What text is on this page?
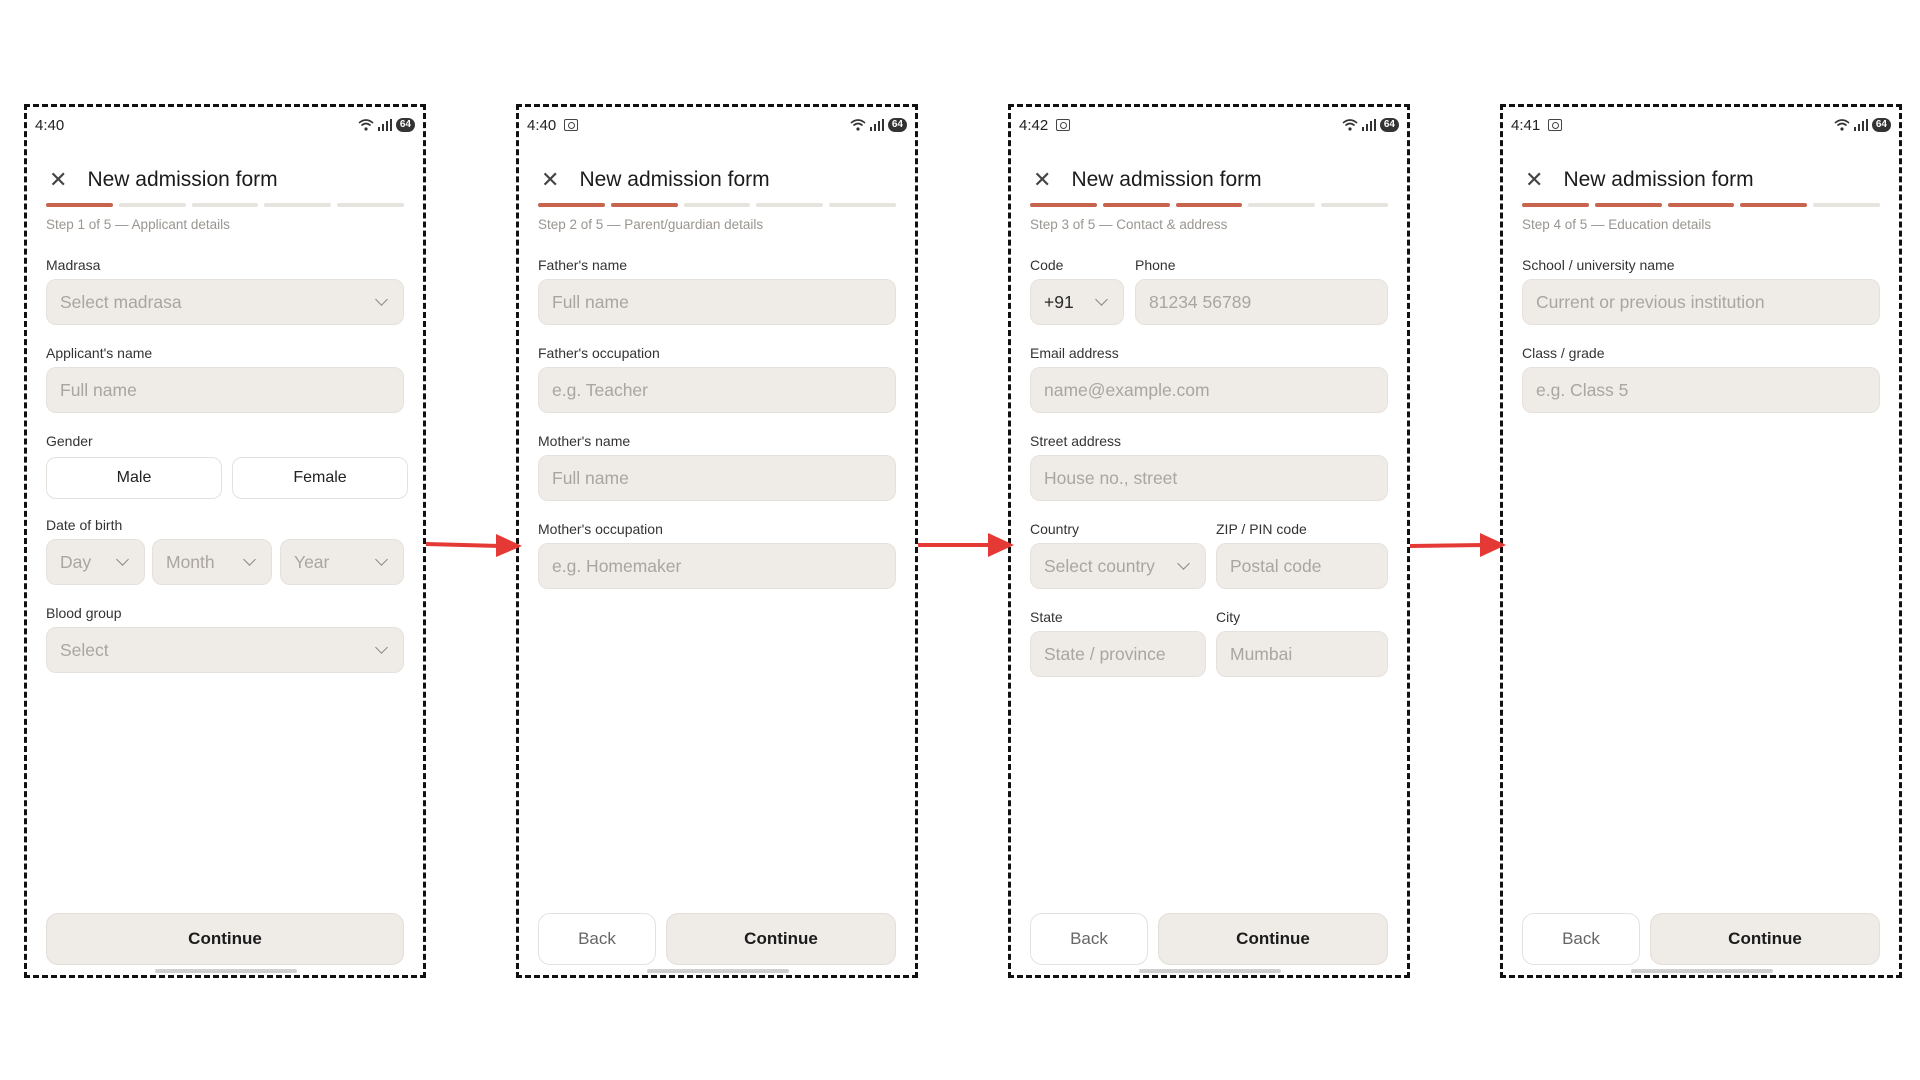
4:40	64
✕ New admission form
Step 1 of 5 — Applicant details
Madrasa
Select madrasa
Applicant's name
Full name
Gender
Male	Female
Date of birth
Day	Month	Year
Blood group
Select
Continue
4:40	64
✕ New admission form
Step 2 of 5 — Parent/guardian details
Father's name
Full name
Father's occupation
e.g. Teacher
Mother's name
Full name
Mother's occupation
e.g. Homemaker
Back	Continue
4:42	64
✕ New admission form
Step 3 of 5 — Contact & address
Code
+91
Phone
81234 56789
Email address
name@example.com
Street address
House no., street
Country
Select country
ZIP / PIN code
Postal code
State
State / province
City
Mumbai
Back	Continue
4:41	64
✕ New admission form
Step 4 of 5 — Education details
School / university name
Current or previous institution
Class / grade
e.g. Class 5
Back	Continue
